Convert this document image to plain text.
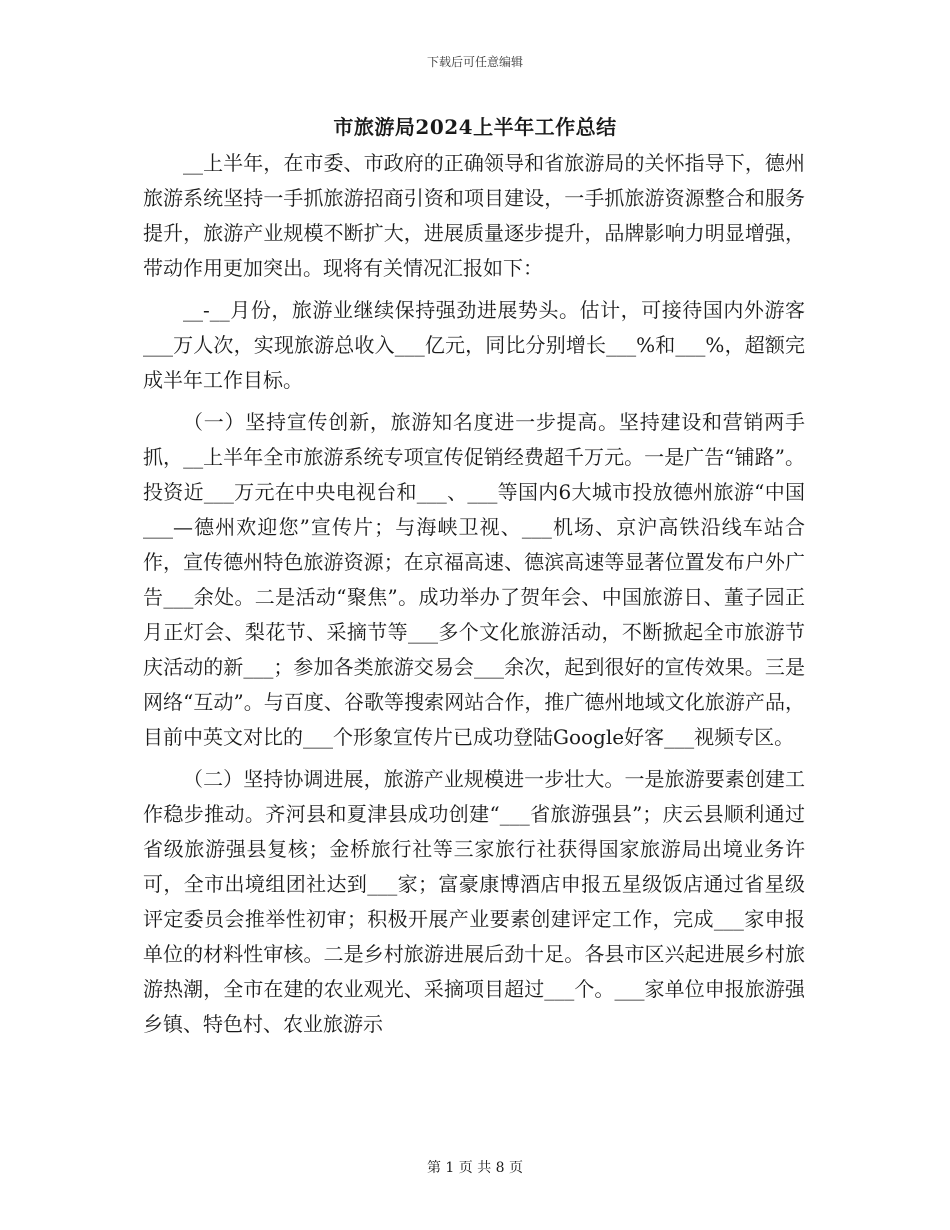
下载后可任意编辑
市旅游局2024上半年工作总结

__上半年，在市委、市政府的正确领导和省旅游局的关怀指导下，德州旅游系统坚持一手抓旅游招商引资和项目建设，一手抓旅游资源整合和服务提升，旅游产业规模不断扩大，进展质量逐步提升，品牌影响力明显增强，带动作用更加突出。现将有关情况汇报如下：

__-__月份，旅游业继续保持强劲进展势头。估计，可接待国内外游客___万人次，实现旅游总收入___亿元，同比分别增长___%和___%，超额完成半年工作目标。

（一）坚持宣传创新，旅游知名度进一步提高。坚持建设和营销两手抓，__上半年全市旅游系统专项宣传促销经费超千万元。一是广告“铺路”。投资近___万元在中央电视台和___、___等国内6大城市投放德州旅游“中国___—德州欢迎您”宣传片；与海峡卫视、___机场、京沪高铁沿线车站合作，宣传德州特色旅游资源；在京福高速、德滨高速等显著位置发布户外广告___余处。二是活动“聚焦”。成功举办了贺年会、中国旅游日、董子园正月正灯会、梨花节、采摘节等___多个文化旅游活动，不断掀起全市旅游节庆活动的新___；参加各类旅游交易会___余次，起到很好的宣传效果。三是网络“互动”。与百度、谷歌等搜索网站合作，推广德州地域文化旅游产品，目前中英文对比的___个形象宣传片已成功登陆Google好客___视频专区。

（二）坚持协调进展，旅游产业规模进一步壮大。一是旅游要素创建工作稳步推动。齐河县和夏津县成功创建“___省旅游强县”；庆云县顺利通过省级旅游强县复核；金桥旅行社等三家旅行社获得国家旅游局出境业务许可，全市出境组团社达到___家；富豪康博酒店申报五星级饭店通过省星级评定委员会推举性初审；积极开展产业要素创建评定工作，完成___家申报单位的材料性审核。二是乡村旅游进展后劲十足。各县市区兴起进展乡村旅游热潮，全市在建的农业观光、采摘项目超过___个。___家单位申报旅游强乡镇、特色村、农业旅游示

第 1 页 共 8 页
